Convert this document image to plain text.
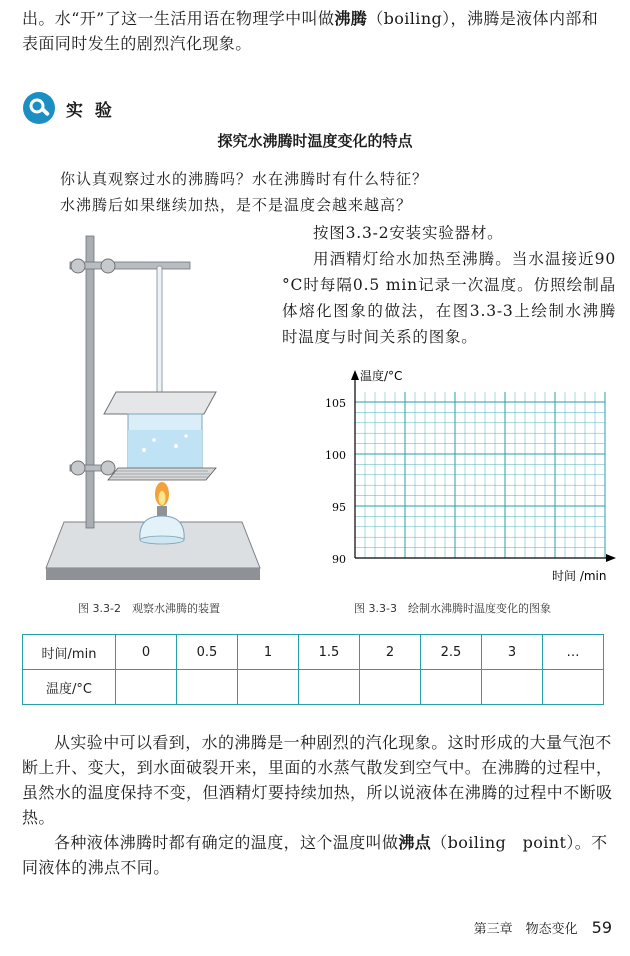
出。水“开”了这一生活用语在物理学中叫做沸腾（boiling），沸腾是液体内部和表面同时发生的剧烈汽化现象。
实 验
探究水沸腾时温度变化的特点
你认真观察过水的沸腾吗？水在沸腾时有什么特征？
水沸腾后如果继续加热，是不是温度会越来越高？

按图3.3-2安装实验器材。

用酒精灯给水加热至沸腾。当水温接近90 °C时每隔0.5 min记录一次温度。仿照绘制晶体熔化图象的做法，在图3.3-3上绘制水沸腾时温度与时间关系的图象。

图 3.3-2　观察水沸腾的装置
温度/°C
时间 /min
105
100
95
90
图 3.3-3　绘制水沸腾时温度变化的图象
时间/min	0	0.5	1	1.5	2	2.5	3	…
温度/°C								

从实验中可以看到，水的沸腾是一种剧烈的汽化现象。这时形成的大量气泡不断上升、变大，到水面破裂开来，里面的水蒸气散发到空气中。在沸腾的过程中，虽然水的温度保持不变，但酒精灯要持续加热，所以说液体在沸腾的过程中不断吸热。

各种液体沸腾时都有确定的温度，这个温度叫做沸点（boiling　point）。不同液体的沸点不同。

第三章　物态变化 59
